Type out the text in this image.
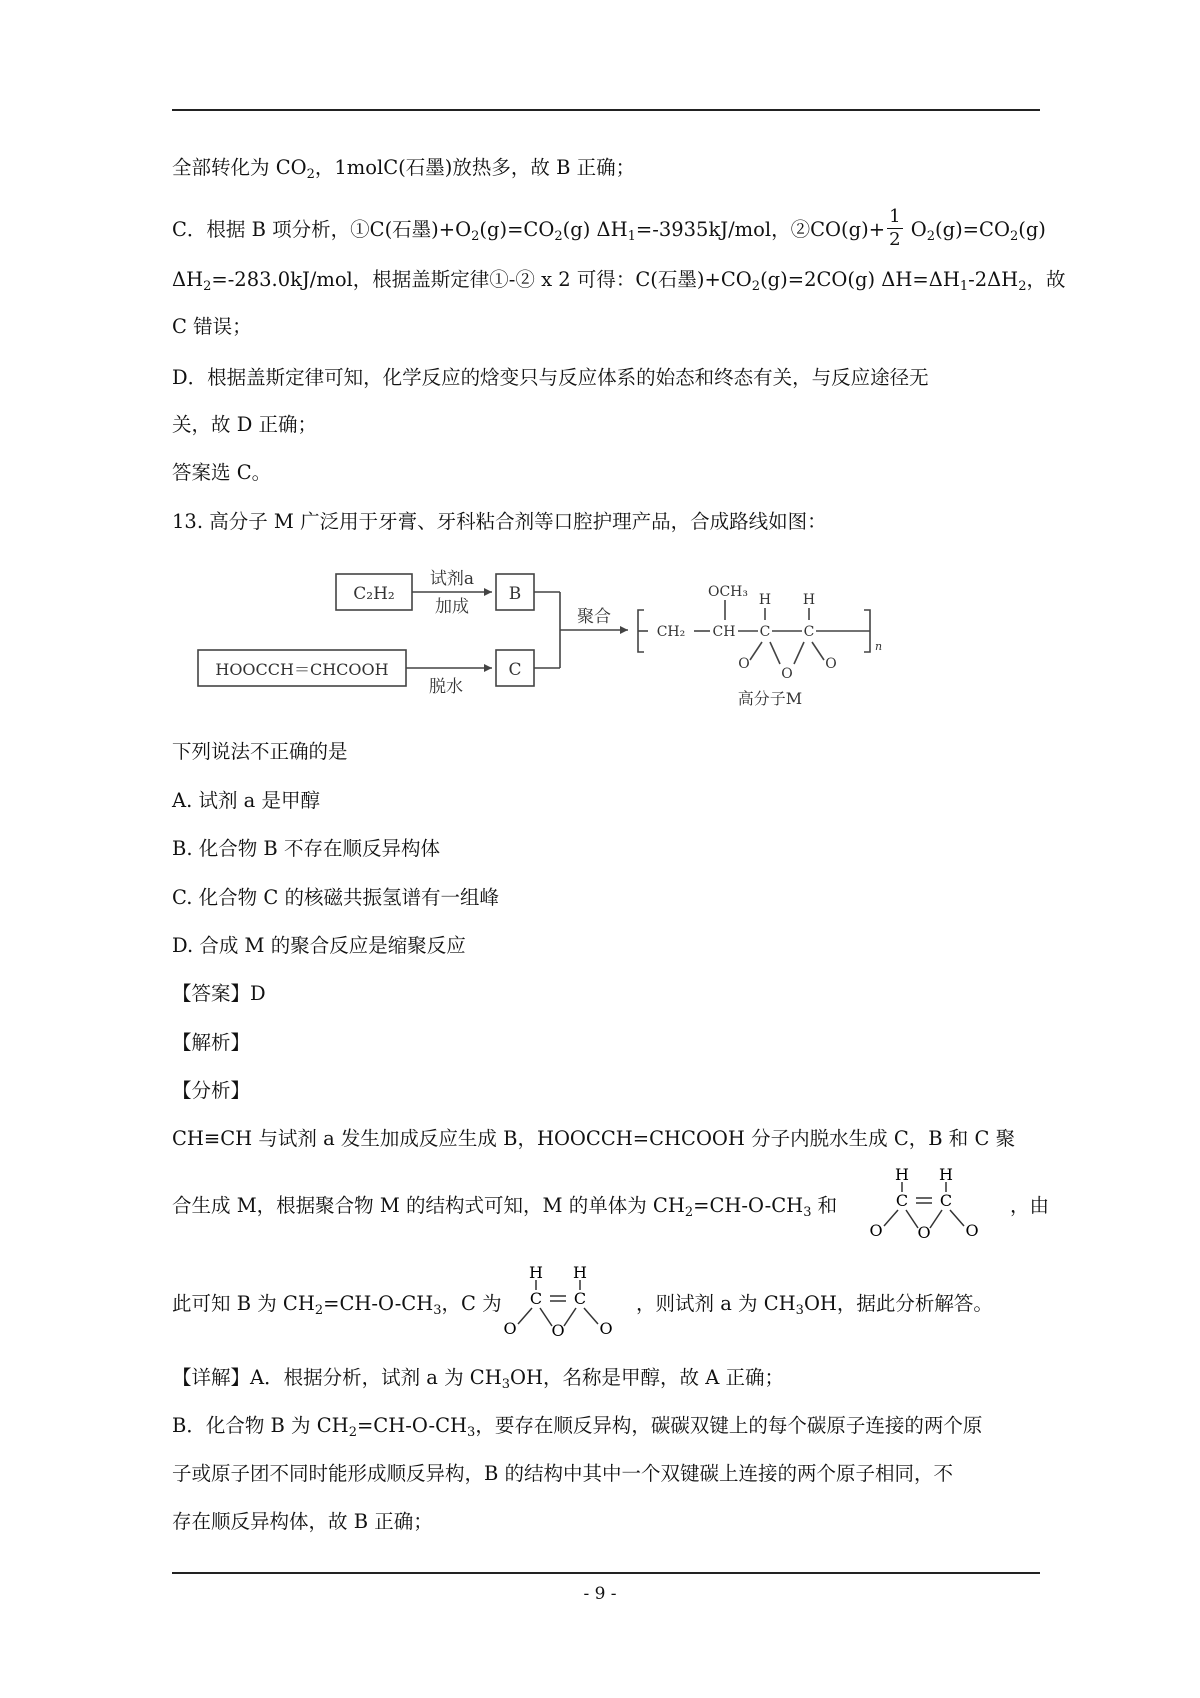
全部转化为 $CO_2$，1molC(石墨)放热多，故 B 正确；
C．根据 B 项分析，①C(石墨)$+O_2(g)=CO_2(g)$ $\Delta H_1=-3935kJ$/mol，②CO(g)+ $\frac{1}{2} O_2(g)=CO_2(g)$
$\Delta H_2=-283.0kJ$/mol，根据盖斯定律①-② x 2 可得：C(石墨)$+CO_2(g)=2CO(g)$ $\Delta H=\Delta H_1-2\Delta H_2$，故
C 错误；
D．根据盖斯定律可知，化学反应的焓变只与反应体系的始态和终态有关，与反应途径无
关，故 D 正确；
答案选 C。
13. 高分子 M 广泛用于牙膏、牙科粘合剂等口腔护理产品，合成路线如图：
C₂H₂	B
HOOCCH＝CHCOOH	C
试剂a
加成
脱水
聚合
OCH₃
CH₂ CH
H H
C C
O
O
O
n
高分子M
下列说法不正确的是
A. 试剂 a 是甲醇
B. 化合物 B 不存在顺反异构体
C. 化合物 C 的核磁共振氢谱有一组峰
D. 合成 M 的聚合反应是缩聚反应
【答案】D
【解析】
【分析】
CH≡CH 与试剂 a 发生加成反应生成 B，HOOCCH=CHCOOH 分子内脱水生成 C，B 和 C 聚
合生成 M，根据聚合物 M 的结构式可知，M 的单体为 $CH_2=CH-O-CH_3$ 和
H H
C C
O O O
，由
此可知 B 为 $CH_2=CH-O-CH_3$，C 为
H H
C C
O O O
，则试剂 a 为 $CH_3OH$，据此分析解答。
【详解】A．根据分析，试剂 a 为 $CH_3OH$，名称是甲醇，故 A 正确；
B．化合物 B 为 $CH_2=CH-O-CH_3$，要存在顺反异构，碳碳双键上的每个碳原子连接的两个原
子或原子团不同时能形成顺反异构，B 的结构中其中一个双键碳上连接的两个原子相同，不
存在顺反异构体，故 B 正确；
- 9 -
